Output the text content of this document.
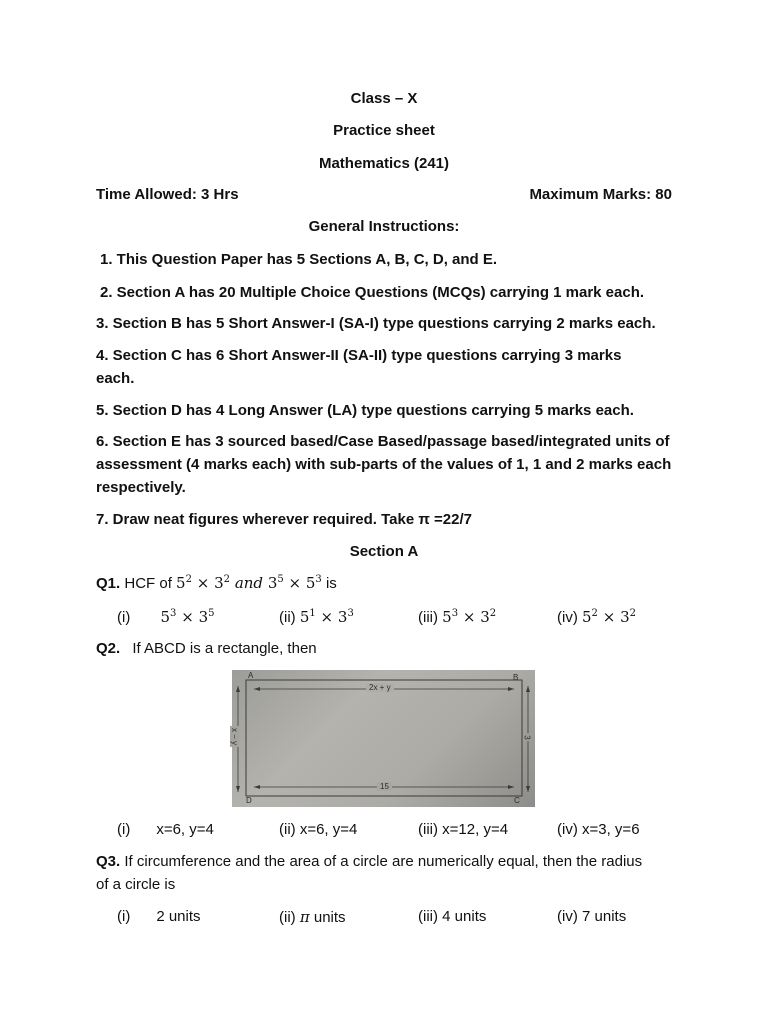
Class – X
Practice sheet
Mathematics (241)
Time Allowed: 3 Hrs	Maximum Marks: 80
General Instructions:
1. This Question Paper has 5 Sections A, B, C, D, and E.
2. Section A has 20 Multiple Choice Questions (MCQs) carrying 1 mark each.
3. Section B has 5 Short Answer-I (SA-I) type questions carrying 2 marks each.
4. Section C has 6 Short Answer-II (SA-II) type questions carrying 3 marks each.
5. Section D has 4 Long Answer (LA) type questions carrying 5 marks each.
6. Section E has 3 sourced based/Case Based/passage based/integrated units of assessment (4 marks each) with sub-parts of the values of 1, 1 and 2 marks each respectively.
7. Draw neat figures wherever required. Take π =22/7
Section A
Q1. HCF of $5^2 \times 3^2$ and $3^5 \times 5^3$ is
(i) $5^3 \times 3^5$	(ii) $5^1 \times 3^3$	(iii) $5^3 \times 3^2$	(iv) $5^2 \times 3^2$
Q2. If ABCD is a rectangle, then
A	B
C
D
2x + y
15
x − y	3
(i) x=6, y=4	(ii) x=6, y=4	(iii) x=12, y=4	(iv) x=3, y=6
Q3. If circumference and the area of a circle are numerically equal, then the radius of a circle is
(i) 2 units	(ii) π units	(iii) 4 units	(iv) 7 units
